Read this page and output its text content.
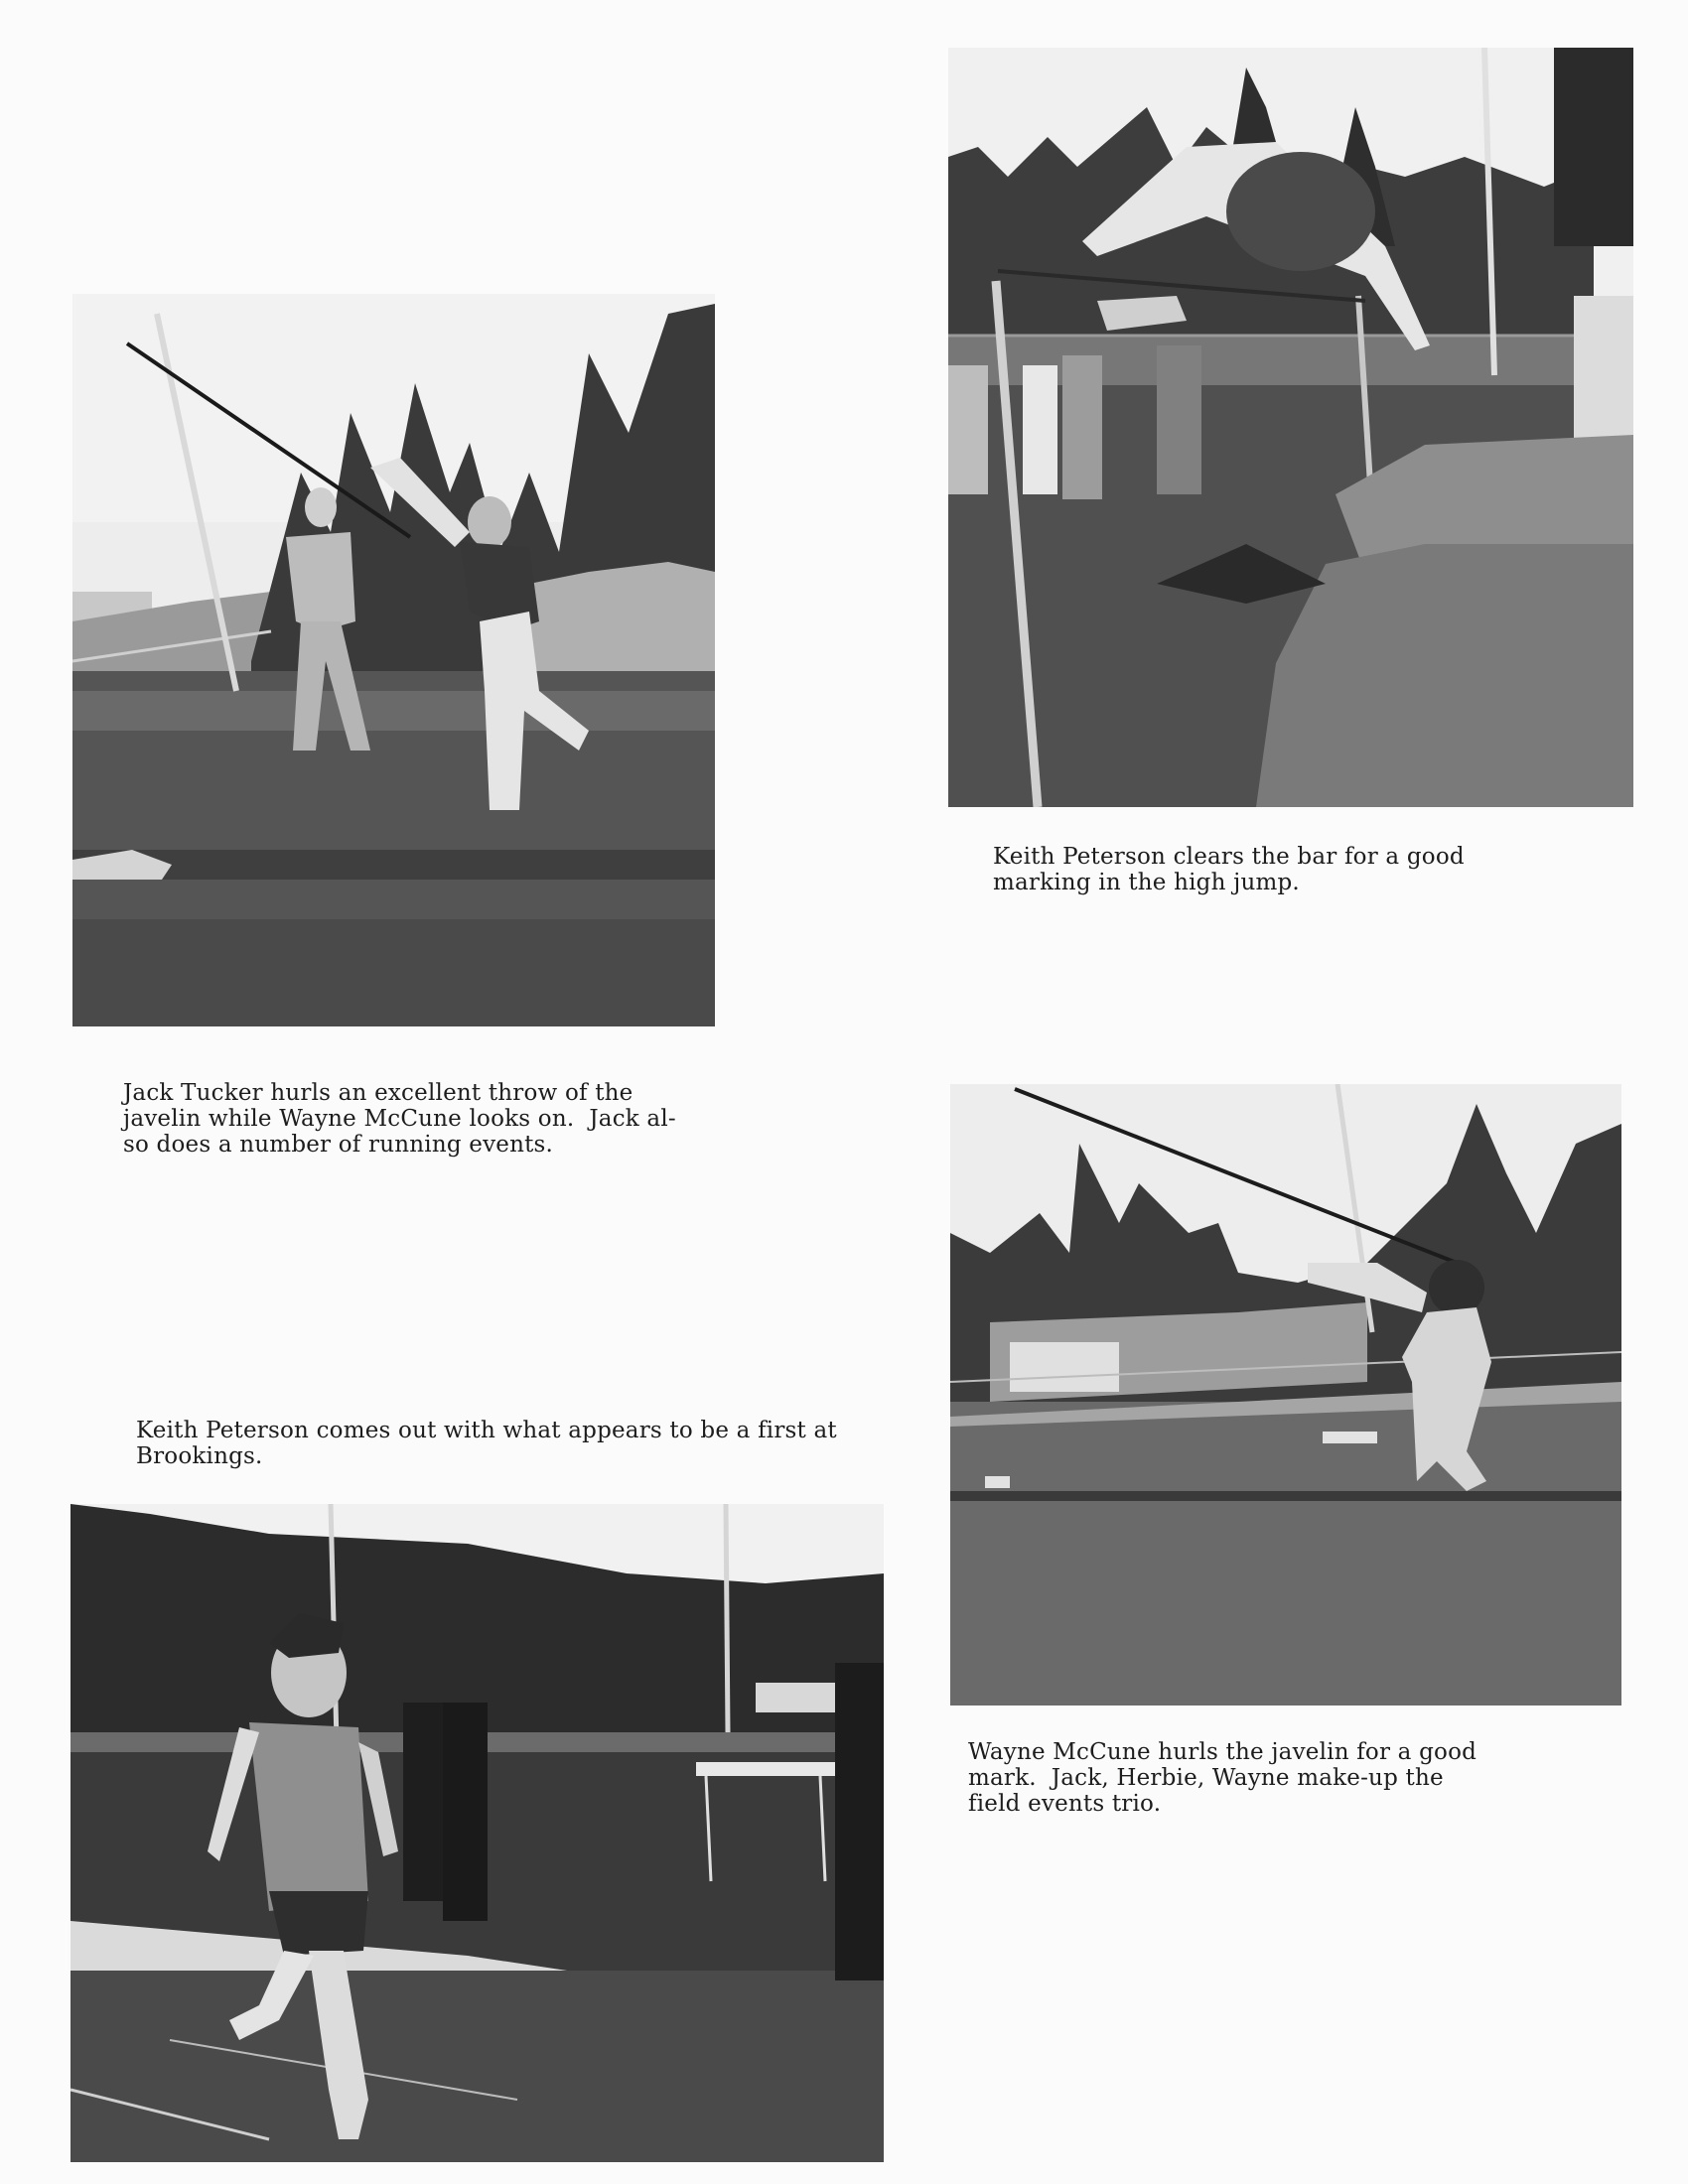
Keith Peterson clears the bar for a good
marking in the high jump.
Jack Tucker hurls an excellent throw of the
javelin while Wayne McCune looks on.  Jack al-
so does a number of running events.
Keith Peterson comes out with what appears to be a first at
Brookings.
Wayne McCune hurls the javelin for a good
mark.  Jack, Herbie, Wayne make-up the
field events trio.
